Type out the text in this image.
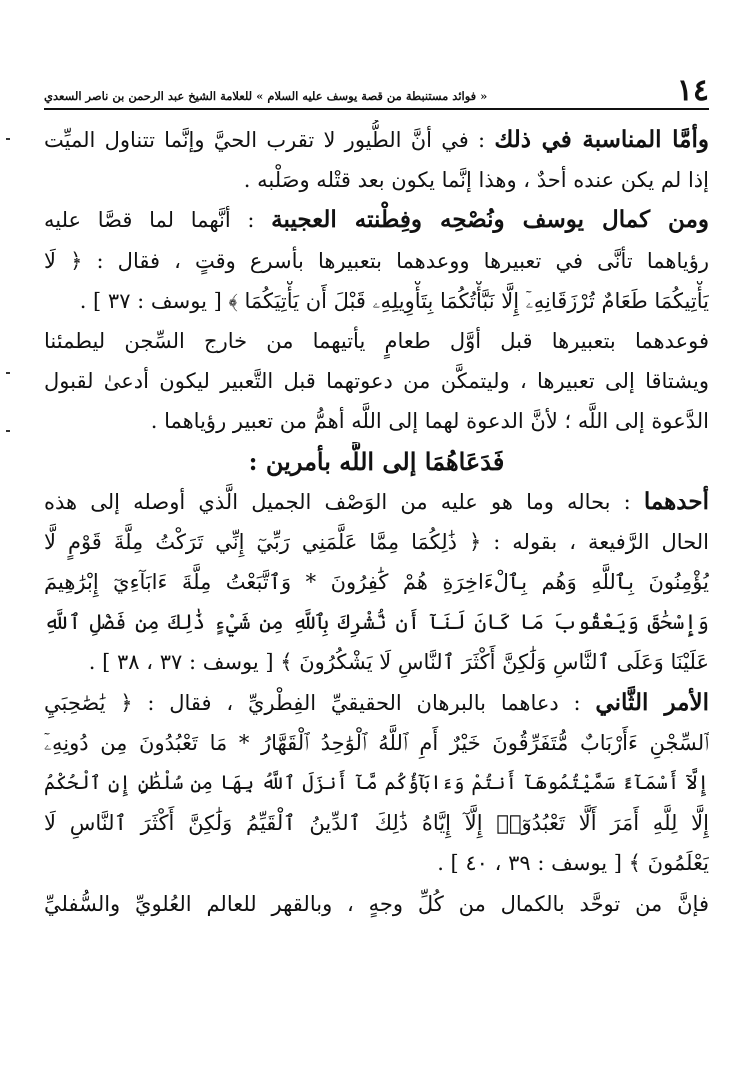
١٤
« فوائد مستنبطة من قصة يوسف عليه السلام » للعلامة الشيخ عبد الرحمن بن ناصر السعدي
وأمَّا المناسبة في ذلك : في أنَّ الطُّيور لا تقرب الحيَّ وإنَّما تتناول الميِّت
إذا لم يكن عنده أحدٌ ، وهذا إنَّما يكون بعد قتْله وصَلْبه .
ومن كمال يوسف ونُصْحِه وفِطْنته العجيبة : أنَّهما لما قصَّا عليه
رؤياهما تأنَّى في تعبيرها ووعدهما بتعبيرها بأسرع وقتٍ ، فقال : ﴿ لَا
يَأْتِيكُمَا طَعَامٌ تُرْزَقَانِهِۦٓ إِلَّا نَبَّأْتُكُمَا بِتَأْوِيلِهِۦ قَبْلَ أَن يَأْتِيَكُمَا ﴾ [ يوسف : ٣٧ ] .
فوعدهما بتعبيرها قبل أوَّل طعامٍ يأتيهما من خارج السِّجن ليطمئنا
ويشتاقا إلى تعبيرها ، وليتمكَّن من دعوتهما قبل التَّعبير ليكون أدعىٰ لقبول
الدَّعوة إلى اللَّه ؛ لأنَّ الدعوة لهما إلى اللَّه أهمُّ من تعبير رؤياهما .
فَدَعَاهُمَا إلى اللَّه بأمرين :
أحدهما : بحاله وما هو عليه من الوَصْف الجميل الَّذي أوصله إلى هذه
الحال الرَّفيعة ، بقوله : ﴿ ذَٰلِكُمَا مِمَّا عَلَّمَنِي رَبِّيٓ إِنِّي تَرَكْتُ مِلَّةَ قَوْمٍ لَّا
يُؤْمِنُونَ بِٱللَّهِ وَهُم بِٱلْءَاخِرَةِ هُمْ كَٰفِرُونَ * وَٱتَّبَعْتُ مِلَّةَ ءَابَآءِيٓ إِبْرَٰهِيمَ
وَإِسْحَٰقَ وَيَعْقُوبَ مَا كَانَ لَنَآ أَن نُّشْرِكَ بِٱللَّهِ مِن شَيْءٍ ذَٰلِكَ مِن فَضْلِ ٱللَّهِ
عَلَيْنَا وَعَلَى ٱلنَّاسِ وَلَٰكِنَّ أَكْثَرَ ٱلنَّاسِ لَا يَشْكُرُونَ ﴾ [ يوسف : ٣٧ ، ٣٨ ] .
الأمر الثَّاني : دعاهما بالبرهان الحقيقيِّ الفِطْريِّ ، فقال : ﴿ يَٰصَٰحِبَيِ
ٱلسِّجْنِ ءَأَرْبَابٌ مُّتَفَرِّقُونَ خَيْرٌ أَمِ ٱللَّهُ ٱلْوَٰحِدُ ٱلْقَهَّارُ * مَا تَعْبُدُونَ مِن دُونِهِۦٓ
إِلَّآ أَسْمَآءً سَمَّيْتُمُوهَآ أَنتُمْ وَءَابَآؤُكُم مَّآ أَنزَلَ ٱللَّهُ بِهَا مِن سُلْطَٰنٍ إِنِ ٱلْحُكْمُ
إِلَّا لِلَّهِ أَمَرَ أَلَّا تَعْبُدُوٓا۟ إِلَّآ إِيَّاهُ ذَٰلِكَ ٱلدِّينُ ٱلْقَيِّمُ وَلَٰكِنَّ أَكْثَرَ ٱلنَّاسِ لَا
يَعْلَمُونَ ﴾ [ يوسف : ٣٩ ، ٤٠ ] .
فإنَّ من توحَّد بالكمال من كُلِّ وجهٍ ، وبالقهر للعالم العُلويِّ والسُّفليِّ
